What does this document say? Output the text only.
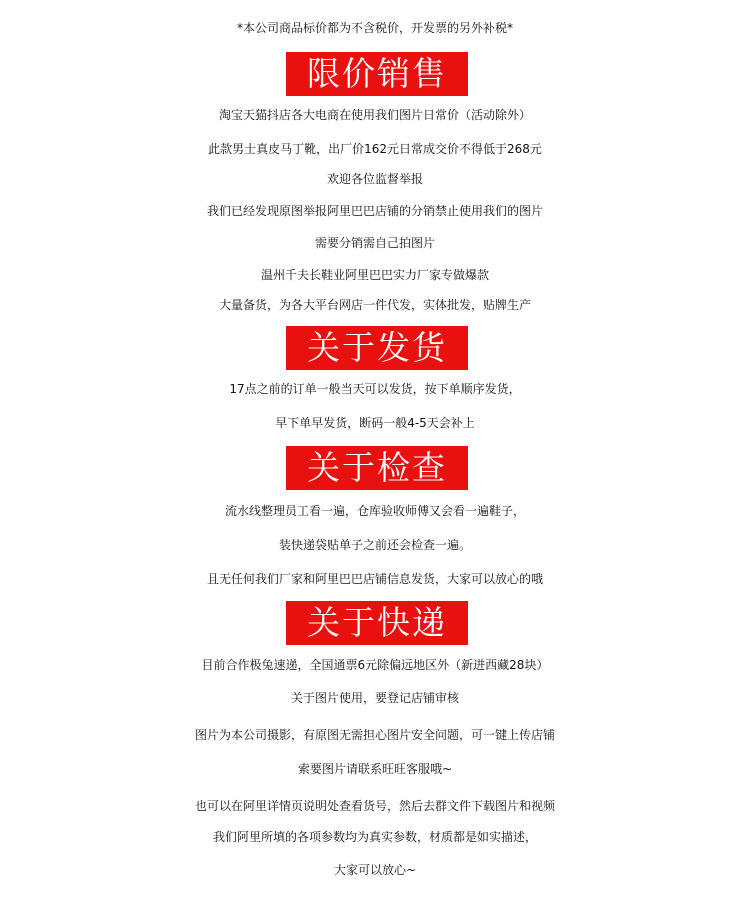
*本公司商品标价都为不含税价，开发票的另外补税*
限价销售
淘宝天猫抖店各大电商在使用我们图片日常价（活动除外）
此款男士真皮马丁靴，出厂价162元日常成交价不得低于268元
欢迎各位监督举报
我们已经发现原图举报阿里巴巴店铺的分销禁止使用我们的图片
需要分销需自己拍图片
温州千夫长鞋业阿里巴巴实力厂家专做爆款
大量备货，为各大平台网店一件代发，实体批发，贴牌生产
关于发货
17点之前的订单一般当天可以发货，按下单顺序发货，
早下单早发货，断码一般4-5天会补上
关于检查
流水线整理员工看一遍，仓库验收师傅又会看一遍鞋子，
装快递袋贴单子之前还会检查一遍。
且无任何我们厂家和阿里巴巴店铺信息发货，大家可以放心的哦
关于快递
目前合作极兔速递，全国通票6元除偏远地区外（新进西藏28块）
关于图片使用，要登记店铺审核
图片为本公司摄影，有原图无需担心图片安全问题，可一键上传店铺
索要图片请联系旺旺客服哦~
也可以在阿里详情页说明处查看货号，然后去群文件下载图片和视频
我们阿里所填的各项参数均为真实参数，材质都是如实描述，
大家可以放心~
